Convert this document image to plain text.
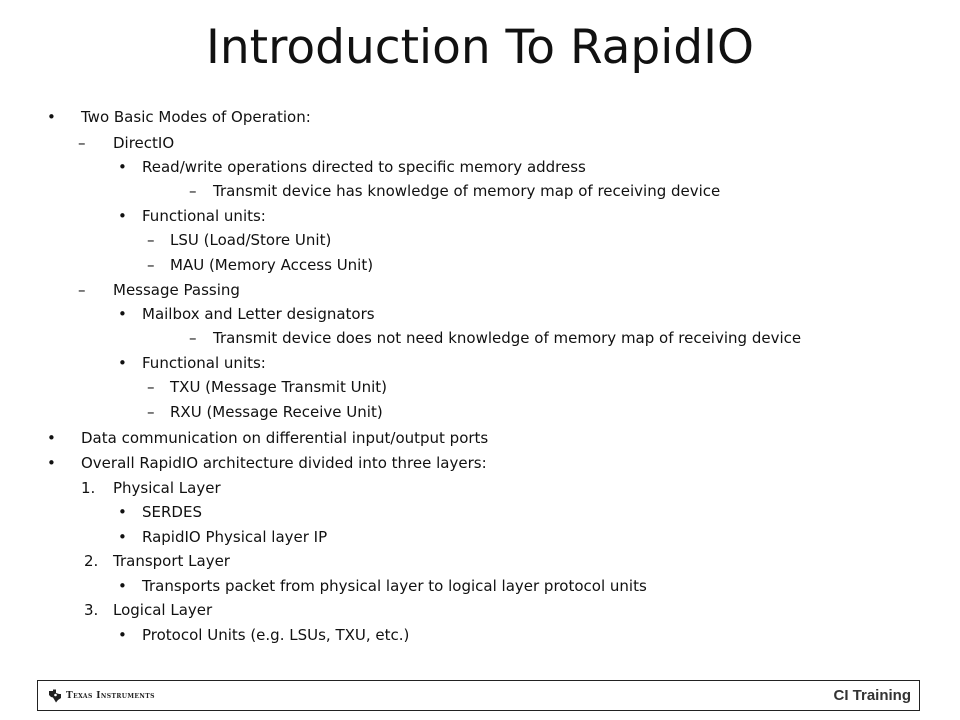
Introduction To RapidIO
• Two Basic Modes of Operation:
– DirectIO
• Read/write operations directed to specific memory address
– Transmit device has knowledge of memory map of receiving device
• Functional units:
– LSU (Load/Store Unit)
– MAU (Memory Access Unit)
– Message Passing
• Mailbox and Letter designators
– Transmit device does not need knowledge of memory map of receiving device
• Functional units:
– TXU (Message Transmit Unit)
– RXU (Message Receive Unit)
• Data communication on differential input/output ports
• Overall RapidIO architecture divided into three layers:
1. Physical Layer
• SERDES
• RapidIO Physical layer IP
2. Transport Layer
• Transports packet from physical layer to logical layer protocol units
3. Logical Layer
• Protocol Units (e.g. LSUs, TXU, etc.)
Texas Instruments	CI Training
